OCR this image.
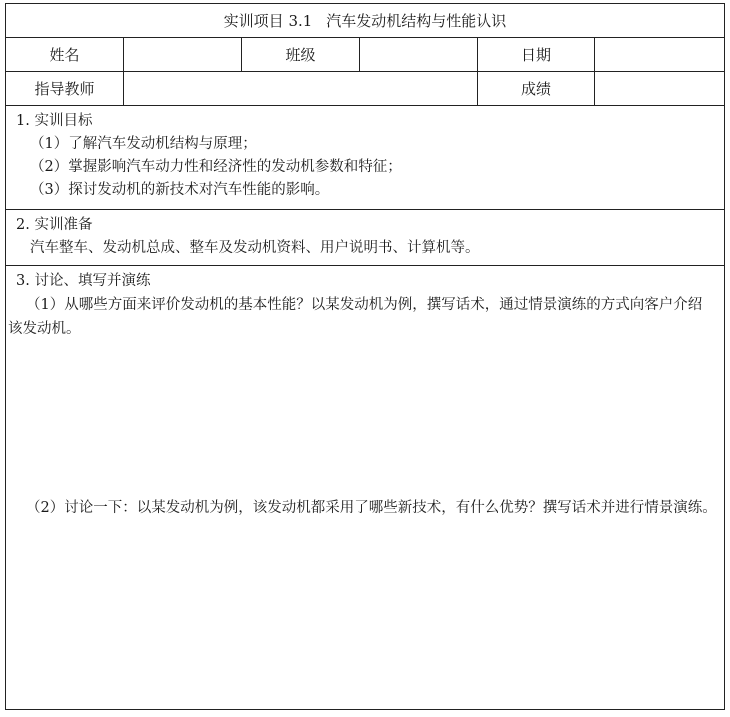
实训项目 3.1 汽车发动机结构与性能认识
姓名	班级	日期
指导教师	成绩
1. 实训目标
（1）了解汽车发动机结构与原理；
（2）掌握影响汽车动力性和经济性的发动机参数和特征；
（3）探讨发动机的新技术对汽车性能的影响。
2. 实训准备
汽车整车、发动机总成、整车及发动机资料、用户说明书、计算机等。
3. 讨论、填写并演练
（1）从哪些方面来评价发动机的基本性能？以某发动机为例，撰写话术，通过情景演练的方式向客户介绍该发动机。
（2）讨论一下：以某发动机为例，该发动机都采用了哪些新技术，有什么优势？撰写话术并进行情景演练。
